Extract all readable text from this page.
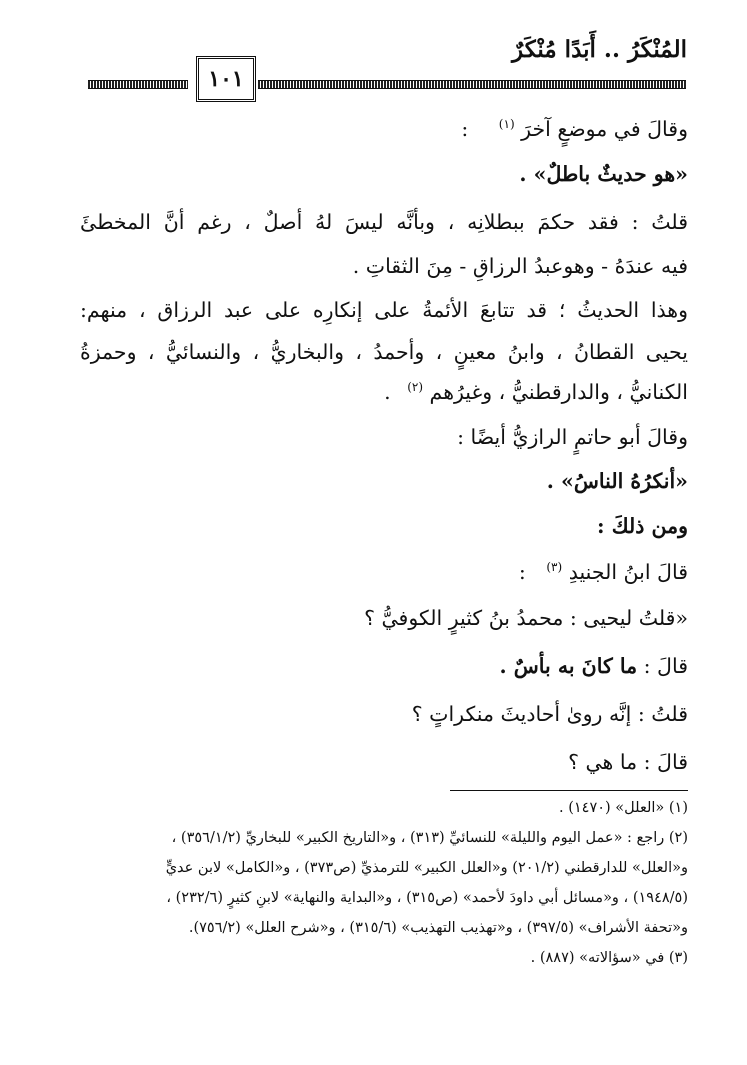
١٠١
المُنْكَرُ .. أَبَدًا مُنْكَرٌ
وقالَ في موضعٍ آخرَ $^{(١)}$ :
«هو حديثٌ باطلٌ» .
قلتُ : فقد حكمَ ببطلانِه ، وبأنَّه ليسَ لهُ أصلٌ ، رغم أنَّ المخطئَ
فيه عندَهُ - وهوعبدُ الرزاقِ - مِنَ الثقاتِ .
وهذا الحديثُ ؛ قد تتابعَ الأئمةُ على إنكارِه على عبد الرزاق ، منهم:
يحيى القطانُ ، وابنُ معينٍ ، وأحمدُ ، والبخاريُّ ، والنسائيُّ ، وحمزةُ
الكنانيُّ ، والدارقطنيُّ ، وغيرُهم $^{(٢)}$ .
وقالَ أبو حاتمٍ الرازيُّ أيضًا :
«أنكرُهُ الناسُ» .
ومن ذلكَ :
قالَ ابنُ الجنيدِ $^{(٣)}$ :
«قلتُ ليحيى : محمدُ بنُ كثيرٍ الكوفيُّ ؟
قالَ : ما كانَ به بأسٌ .
قلتُ : إنَّه روىٰ أحاديثَ منكراتٍ ؟
قالَ : ما هي ؟
(١) «العلل» (١٤٧٠) .
(٢) راجع : «عمل اليوم والليلة» للنسائيِّ (٣١٣) ، و«التاريخ الكبير» للبخاريِّ (٣٥٦/١/٢) ،
و«العلل» للدارقطني (٢٠١/٢) و«العلل الكبير» للترمذيِّ (ص٣٧٣) ، و«الكامل» لابن عديٍّ
(١٩٤٨/٥) ، و«مسائل أبي داودَ لأحمد» (ص٣١٥) ، و«البداية والنهاية» لابنِ كثيرٍ (٢٣٢/٦) ،
و«تحفة الأشراف» (٣٩٧/٥) ، و«تهذيب التهذيب» (٣١٥/٦) ، و«شرح العلل» (٧٥٦/٢).
(٣) في «سؤالاته» (٨٨٧) .
